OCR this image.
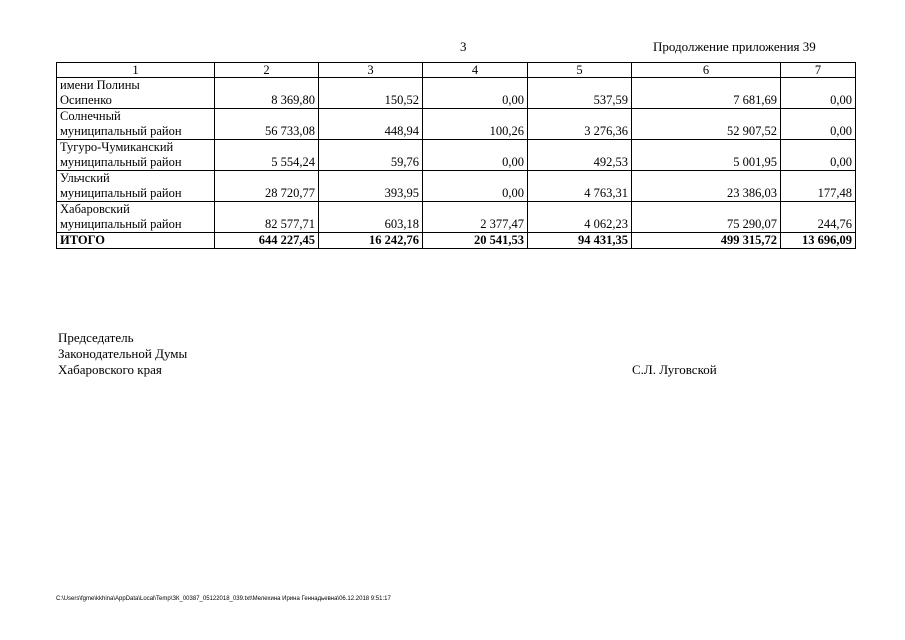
3	Продолжение приложения 39
1	2	3	4	5	6	7
имени Полины
Осипенко	8 369,80	150,52	0,00	537,59	7 681,69	0,00
Солнечный
муниципальный район	56 733,08	448,94	100,26	3 276,36	52 907,52	0,00
Тугуро-Чумиканский
муниципальный район	5 554,24	59,76	0,00	492,53	5 001,95	0,00
Ульчский
муниципальный район	28 720,77	393,95	0,00	4 763,31	23 386,03	177,48
Хабаровский
муниципальный район	82 577,71	603,18	2 377,47	4 062,23	75 290,07	244,76
ИТОГО	644 227,45	16 242,76	20 541,53	94 431,35	499 315,72	13 696,09
Председатель
Законодательной Думы
Хабаровского края	С.Л. Луговской
C:\Users\fgme\kkhina\AppData\Local\Temp\ЗК_00387_05122018_039.txt\Мелехина Ирина Геннадьевна\06.12.2018 9:51:17
